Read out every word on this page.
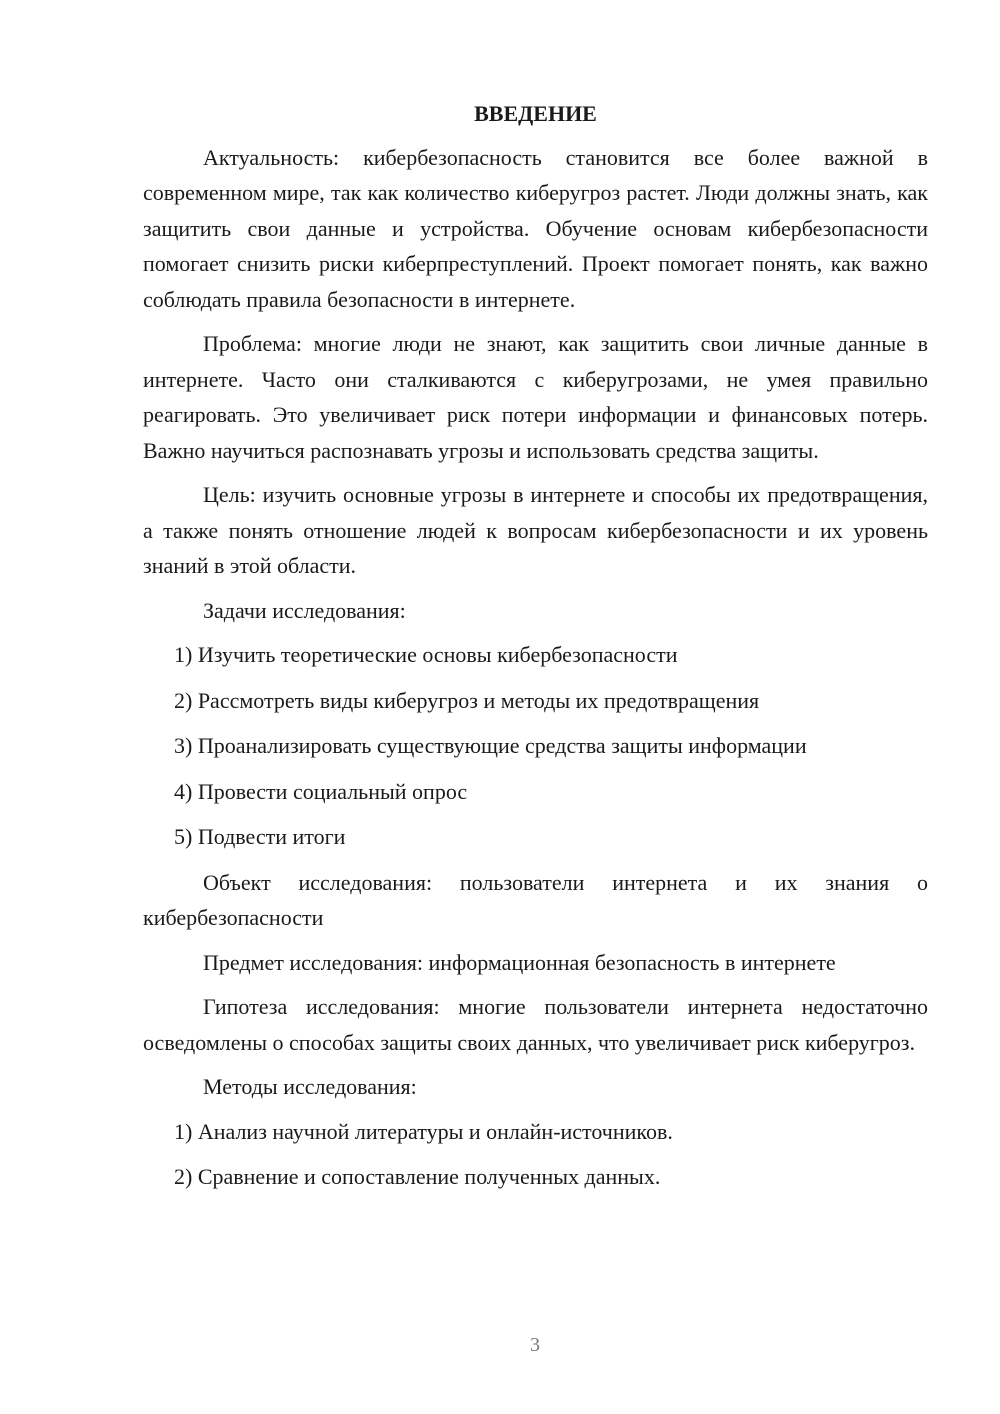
ВВЕДЕНИЕ
Актуальность: кибербезопасность становится все более важной в современном мире, так как количество киберугроз растет. Люди должны знать, как защитить свои данные и устройства. Обучение основам кибербезопасности помогает снизить риски киберпреступлений. Проект помогает понять, как важно соблюдать правила безопасности в интернете.
Проблема: многие люди не знают, как защитить свои личные данные в интернете. Часто они сталкиваются с киберугрозами, не умея правильно реагировать. Это увеличивает риск потери информации и финансовых потерь. Важно научиться распознавать угрозы и использовать средства защиты.
Цель: изучить основные угрозы в интернете и способы их предотвращения, а также понять отношение людей к вопросам кибербезопасности и их уровень знаний в этой области.
Задачи исследования:
1) Изучить теоретические основы кибербезопасности
2) Рассмотреть виды киберугроз и методы их предотвращения
3) Проанализировать существующие средства защиты информации
4) Провести социальный опрос
5) Подвести итоги
Объект исследования: пользователи интернета и их знания о кибербезопасности
Предмет исследования: информационная безопасность в интернете
Гипотеза исследования: многие пользователи интернета недостаточно осведомлены о способах защиты своих данных, что увеличивает риск киберугроз.
Методы исследования:
1) Анализ научной литературы и онлайн-источников.
2) Сравнение и сопоставление полученных данных.
3
